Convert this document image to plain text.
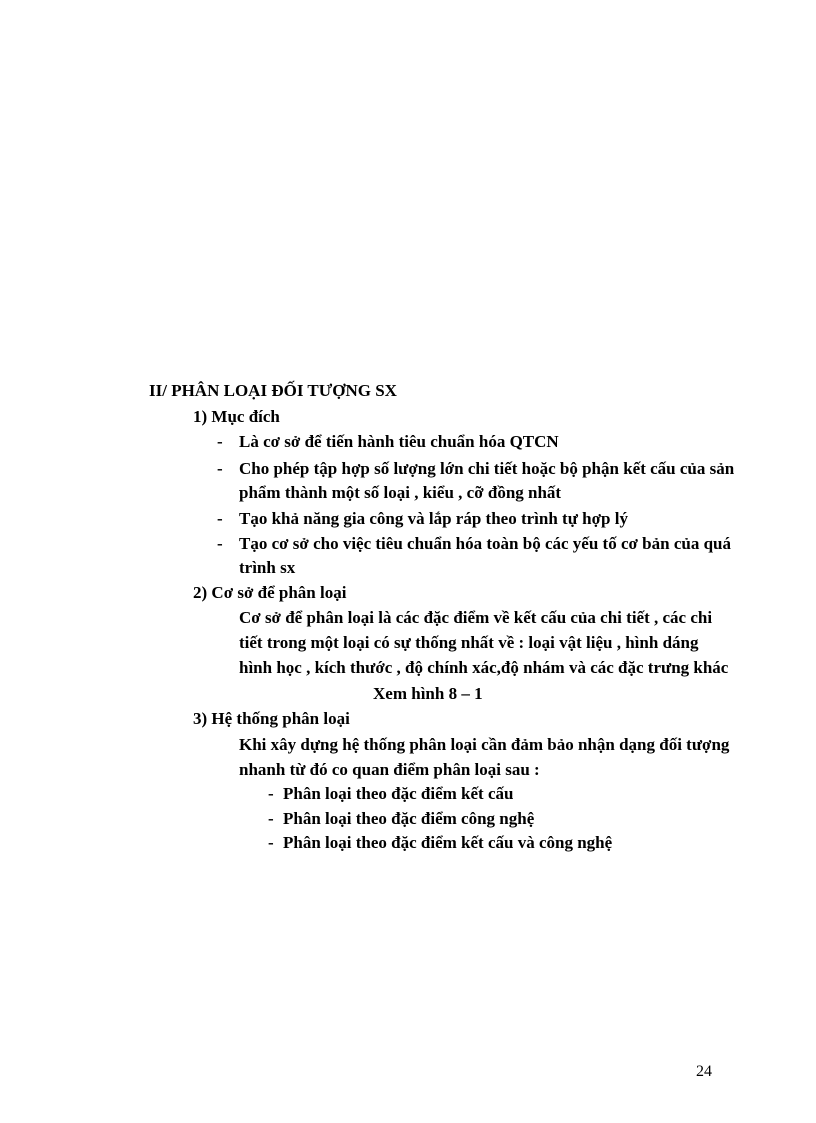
II/ PHÂN LOẠI ĐỐI TƯỢNG SX
1) Mục đích
- Là cơ sở để tiến hành tiêu chuẩn hóa QTCN
- Cho phép tập hợp số lượng lớn chi tiết hoặc bộ phận kết cấu của sản
phẩm thành một số loại , kiểu , cỡ đồng nhất
- Tạo khả năng gia công và lắp ráp theo trình tự hợp lý
- Tạo cơ sở cho việc tiêu chuẩn hóa toàn bộ các yếu tố cơ bản của quá
trình sx
2) Cơ sở để phân loại
Cơ sở để phân loại là các đặc điểm về kết cấu của chi tiết , các chi
tiết trong một loại có sự thống nhất về : loại vật liệu , hình dáng
hình học , kích thước , độ chính xác,độ nhám và các đặc trưng khác
Xem hình 8 – 1
3) Hệ thống phân loại
Khi xây dựng hệ thống phân loại cần đảm bảo nhận dạng đối tượng
nhanh từ đó co quan điểm phân loại sau :
- Phân loại theo đặc điểm kết cấu
- Phân loại theo đặc điểm công nghệ
- Phân loại theo đặc điểm kết cấu và công nghệ
24
